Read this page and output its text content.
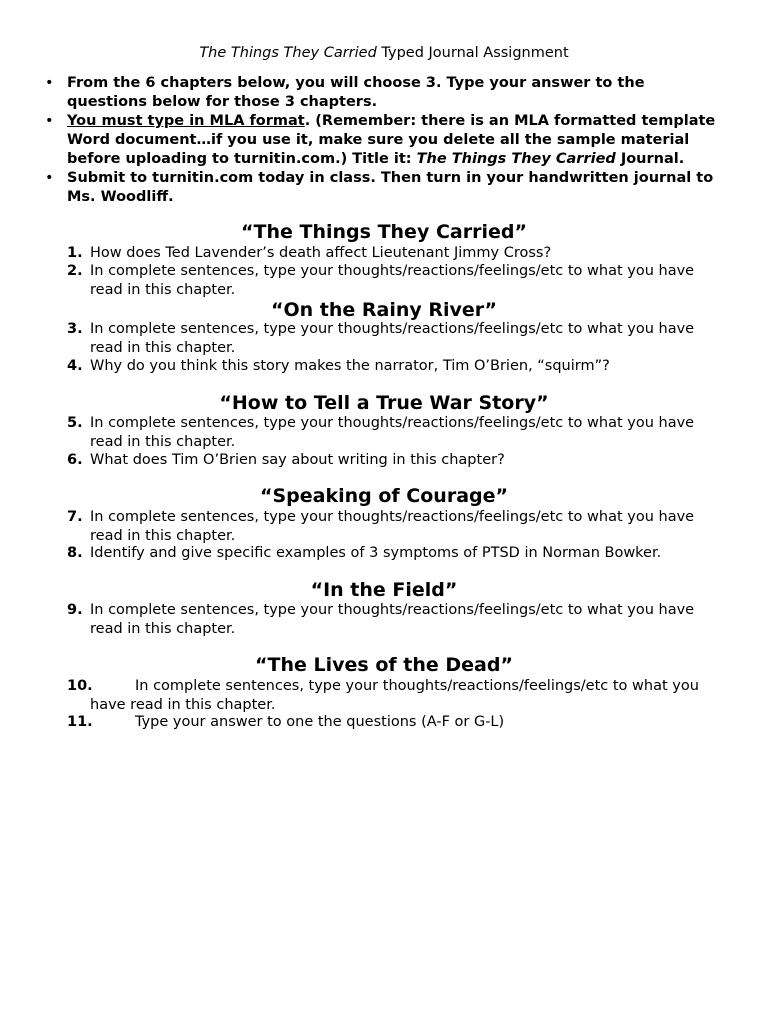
The Things They Carried Typed Journal Assignment
• From the 6 chapters below, you will choose 3. Type your answer to the questions below for those 3 chapters.
• You must type in MLA format. (Remember: there is an MLA formatted template Word document…if you use it, make sure you delete all the sample material before uploading to turnitin.com.) Title it: The Things They Carried Journal.
• Submit to turnitin.com today in class. Then turn in your handwritten journal to Ms. Woodliff.
“The Things They Carried”
1. How does Ted Lavender’s death affect Lieutenant Jimmy Cross?
2. In complete sentences, type your thoughts/reactions/feelings/etc to what you have read in this chapter.
“On the Rainy River”
3. In complete sentences, type your thoughts/reactions/feelings/etc to what you have read in this chapter.
4. Why do you think this story makes the narrator, Tim O’Brien, “squirm”?
“How to Tell a True War Story”
5. In complete sentences, type your thoughts/reactions/feelings/etc to what you have read in this chapter.
6. What does Tim O’Brien say about writing in this chapter?
“Speaking of Courage”
7. In complete sentences, type your thoughts/reactions/feelings/etc to what you have read in this chapter.
8. Identify and give specific examples of 3 symptoms of PTSD in Norman Bowker.
“In the Field”
9. In complete sentences, type your thoughts/reactions/feelings/etc to what you have read in this chapter.
“The Lives of the Dead”
10.	In complete sentences, type your thoughts/reactions/feelings/etc to what you have read in this chapter.
11.	Type your answer to one the questions (A-F or G-L)
